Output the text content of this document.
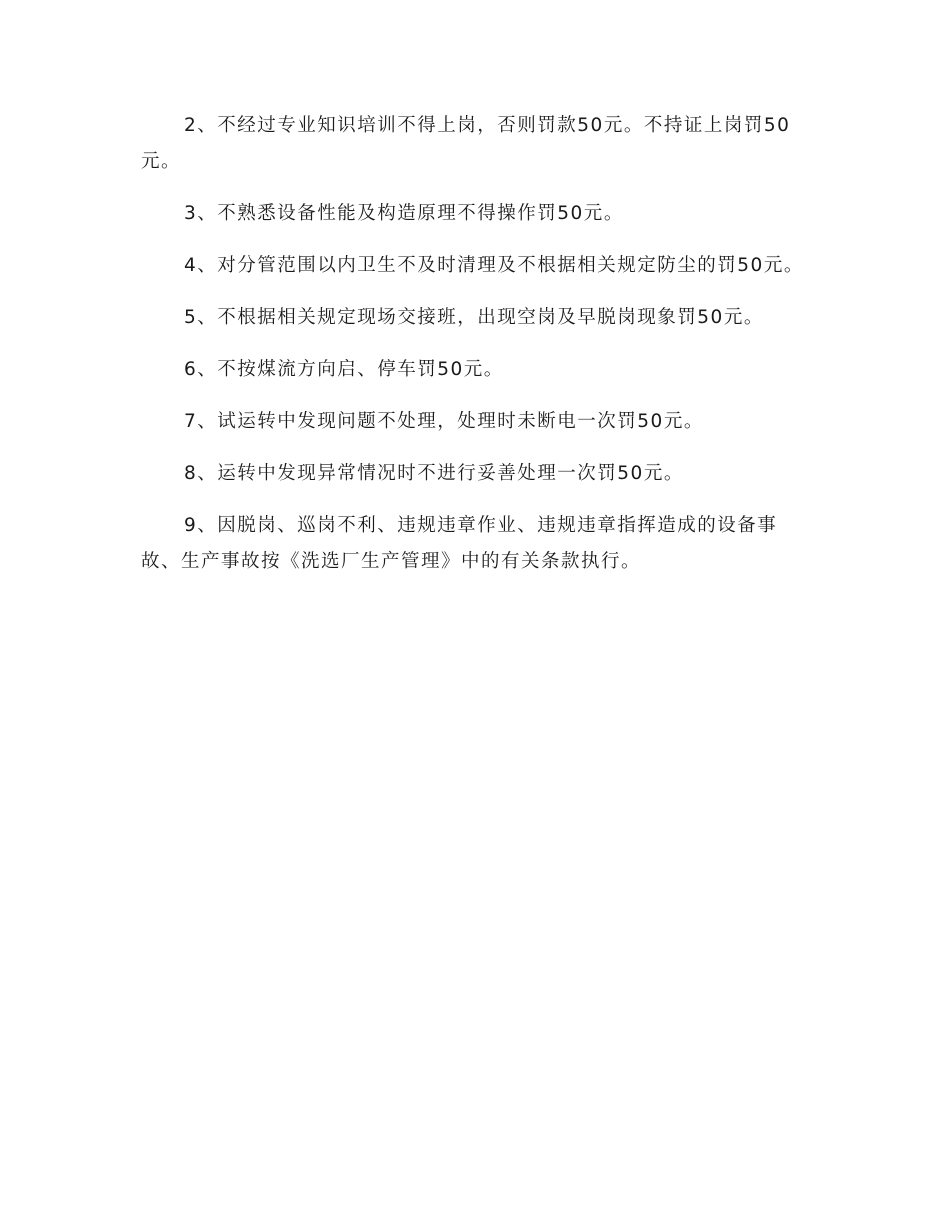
2、不经过专业知识培训不得上岗，否则罚款50元。不持证上岗罚50元。

3、不熟悉设备性能及构造原理不得操作罚50元。

4、对分管范围以内卫生不及时清理及不根据相关规定防尘的罚50元。

5、不根据相关规定现场交接班，出现空岗及早脱岗现象罚50元。

6、不按煤流方向启、停车罚50元。

7、试运转中发现问题不处理，处理时未断电一次罚50元。

8、运转中发现异常情况时不进行妥善处理一次罚50元。

9、因脱岗、巡岗不利、违规违章作业、违规违章指挥造成的设备事故、生产事故按《洗选厂生产管理》中的有关条款执行。
